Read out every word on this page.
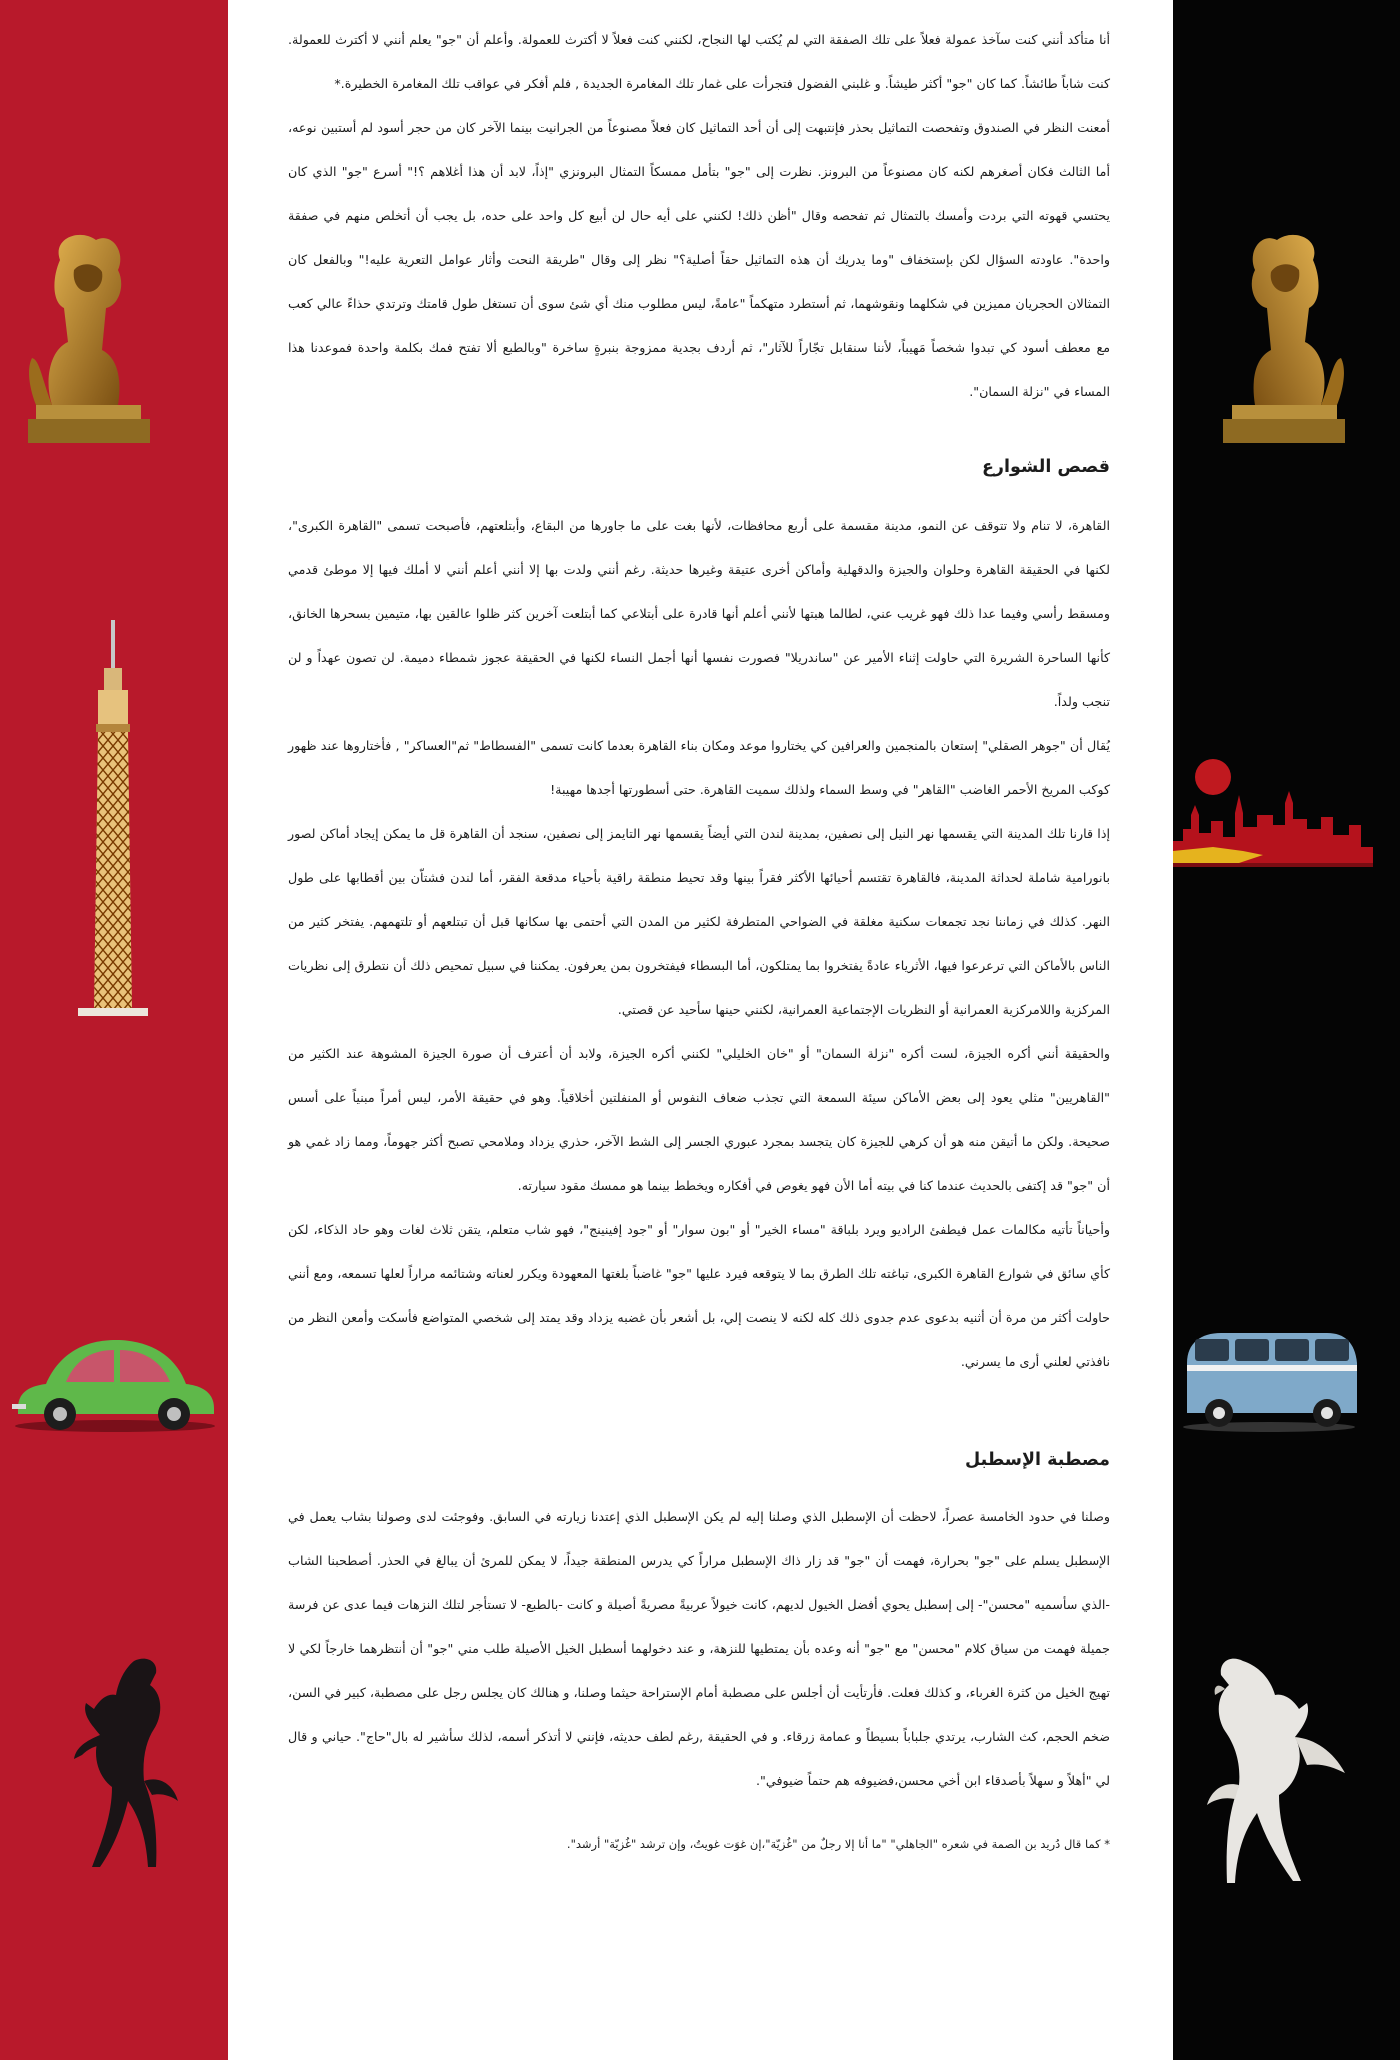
أنا متأكد أنني كنت سآخذ عمولة فعلاً على تلك الصفقة التي لم يُكتب لها النجاح، لكنني كنت فعلاً لا أكترث للعمولة. وأعلم أن "جو" يعلم أنني لا أكترث للعمولة. كنت شاباً طائشاً. كما كان "جو" أكثر طيشاً. و غلبني الفضول فتجرأت على غمار تلك المغامرة الجديدة , فلم أفكر في عواقب تلك المغامرة الخطيرة.*

أمعنت النظر في الصندوق وتفحصت التماثيل بحذر فإنتبهت إلى أن أحد التماثيل كان فعلاً مصنوعاً من الجرانيت بينما الآخر كان من حجر أسود لم أستبين نوعه، أما الثالث فكان أصغرهم لكنه كان مصنوعاً من البرونز. نظرت إلى "جو" بتأمل ممسكاً التمثال البرونزي "إذاً، لابد أن هذا أغلاهم ؟!" أسرع "جو" الذي كان يحتسي قهوته التي بردت وأمسك بالتمثال ثم تفحصه وقال "أظن ذلك! لكنني على أيه حال لن أبيع كل واحد على حده، بل يجب أن أتخلص منهم في صفقة واحدة". عاودته السؤال لكن بإستخفاف "وما يدريك أن هذه التماثيل حقاً أصلية؟" نظر إلى وقال "طريقة النحت وأثار عوامل التعرية عليه!" وبالفعل كان التمثالان الحجريان مميزين في شكلهما ونقوشهما، ثم أستطرد متهكماً "عامةً، ليس مطلوب منك أي شئ سوى أن تستغل طول قامتك وترتدي حذاءً عالي كعب مع معطف أسود كي تبدوا شخصاً مَهيباً، لأننا سنقابل تجّاراً للآثار"، ثم أردف بجدية ممزوجة بنبرةٍ ساخرة "وبالطبع ألا تفتح فمك بكلمة واحدة فموعدنا هذا المساء في "نزلة السمان".

قصص الشوارع

القاهرة، لا تنام ولا تتوقف عن النمو، مدينة مقسمة على أربع محافظات، لأنها بغت على ما جاورها من البقاع، وأبتلعتهم، فأصبحت تسمى "القاهرة الكبرى"، لكنها في الحقيقة القاهرة وحلوان والجيزة والدقهلية وأماكن أخرى عتيقة وغيرها حديثة. رغم أنني ولدت بها إلا أنني أعلم أنني لا أملك فيها إلا موطئ قدمي ومسقط رأسي وفيما عدا ذلك فهو غريب عني، لطالما هبتها لأنني أعلم أنها قادرة على أبتلاعي كما أبتلعت آخرين كثر ظلوا عالقين بها، متيمين بسحرها الخانق، كأنها الساحرة الشريرة التي حاولت إثناء الأمير عن "ساندريلا" فصورت نفسها أنها أجمل النساء لكنها في الحقيقة عجوز شمطاء دميمة. لن تصون عهداً و لن تنجب ولداً.

يُقال أن "جوهر الصقلي" إستعان بالمنجمين والعرافين كي يختاروا موعد ومكان بناء القاهرة بعدما كانت تسمى "الفسطاط" ثم"العساكر" , فأختاروها عند ظهور كوكب المريخ الأحمر الغاضب "القاهر" في وسط السماء ولذلك سميت القاهرة. حتى أسطورتها أجدها مهيبة!

إذا قارنا تلك المدينة التي يقسمها نهر النيل إلى نصفين، بمدينة لندن التي أيضاً يقسمها نهر التايمز إلى نصفين، سنجد أن القاهرة قل ما يمكن إيجاد أماكن لصور بانورامية شاملة لحداثة المدينة، فالقاهرة تقتسم أحيائها الأكثر فقراً بينها وقد تحيط منطقة راقية بأحياء مدقعة الفقر، أما لندن فشتاّن بين أقطابها على طول النهر. كذلك في زماننا نجد تجمعات سكنية مغلقة في الضواحي المتطرفة لكثير من المدن التي أحتمى بها سكانها قبل أن تبتلعهم أو تلتهمهم. يفتخر كثير من الناس بالأماكن التي ترعرعوا فيها، الأثرياء عادةً يفتخروا بما يمتلكون، أما البسطاء فيفتخرون بمن يعرفون. يمكننا في سبيل تمحيص ذلك أن نتطرق إلى نظريات المركزية واللامركزية العمرانية أو النظريات الإجتماعية العمرانية، لكنني حينها سأحيد عن قصتي.

والحقيقة أنني أكره الجيزة، لست أكره "نزلة السمان" أو "خان الخليلي" لكنني أكره الجيزة، ولابد أن أعترف أن صورة الجيزة المشوهة عند الكثير من "القاهريين" مثلي يعود إلى بعض الأماكن سيئة السمعة التي تجذب ضعاف النفوس أو المنفلتين أخلاقياً. وهو في حقيقة الأمر، ليس أمراً مبنياً على أسس صحيحة. ولكن ما أتيقن منه هو أن كرهي للجيزة كان يتجسد بمجرد عبوري الجسر إلى الشط الآخر، حذري يزداد وملامحي تصبح أكثر جهوماً، ومما زاد غمي هو أن "جو" قد إكتفى بالحديث عندما كنا في بيته أما الأن فهو يغوص في أفكاره ويخطط بينما هو ممسك مقود سيارته.

وأحياناً تأتيه مكالمات عمل فيطفئ الراديو ويرد بلباقة "مساء الخير" أو "بون سوار" أو "جود إفينينج"، فهو شاب متعلم، يتقن ثلاث لغات وهو حاد الذكاء، لكن كأي سائق في شوارع القاهرة الكبرى، تباغته تلك الطرق بما لا يتوقعه فيرد عليها "جو" غاضباً بلغتها المعهودة ويكرر لعناته وشتائمه مراراً لعلها تسمعه، ومع أنني حاولت أكثر من مرة أن أثنيه بدعوى عدم جدوى ذلك كله لكنه لا ينصت إلي، بل أشعر بأن غضبه يزداد وقد يمتد إلى شخصي المتواضع فأسكت وأمعن النظر من نافذتي لعلني أرى ما يسرني.

مصطبة الإسطبل

وصلنا في حدود الخامسة عصراً، لاحظت أن الإسطبل الذي وصلنا إليه لم يكن الإسطبل الذي إعتدنا زيارته في السابق. وفوجئت لدى وصولنا بشاب يعمل في الإسطبل يسلم على "جو" بحرارة، فهمت أن "جو" قد زار ذاك الإسطبل مراراً كي يدرس المنطقة جيداً، لا يمكن للمرئ أن يبالغ في الحذر. أصطحبنا الشاب -الذي سأسميه "محسن"- إلى إسطبل يحوي أفضل الخيول لديهم، كانت خيولاً عربيةً مصريةً أصيلة و كانت -بالطبع- لا تستأجر لتلك النزهات فيما عدى عن فرسة جميلة فهمت من سياق كلام "محسن" مع "جو" أنه وعده بأن يمتطيها للنزهة، و عند دخولهما أسطبل الخيل الأصيلة طلب مني "جو" أن أنتظرهما خارجاً لكي لا تهيج الخيل من كثرة الغرباء، و كذلك فعلت. فأرتأيت أن أجلس على مصطبة أمام الإستراحة حيثما وصلنا، و هنالك كان يجلس رجل على مصطبة، كبير في السن، ضخم الحجم، كث الشارب، يرتدي جلباباً بسيطاً و عمامة زرقاء. و في الحقيقة ,رغم لطف حديثه، فإنني لا أتذكر أسمه، لذلك سأشير له بال"حاج". حياني و قال لي "أهلاً و سهلاً بأصدقاء ابن أخي محسن،فضيوفه هم حتماً ضيوفي".

* كما قال دُريد بن الصمة في شعره "الجاهلي" "ما أنا إلا رجلٌ من "غُزيّة"،إن غوَت غويتُ، وإن ترشد "غُزيّة" أرشد".
